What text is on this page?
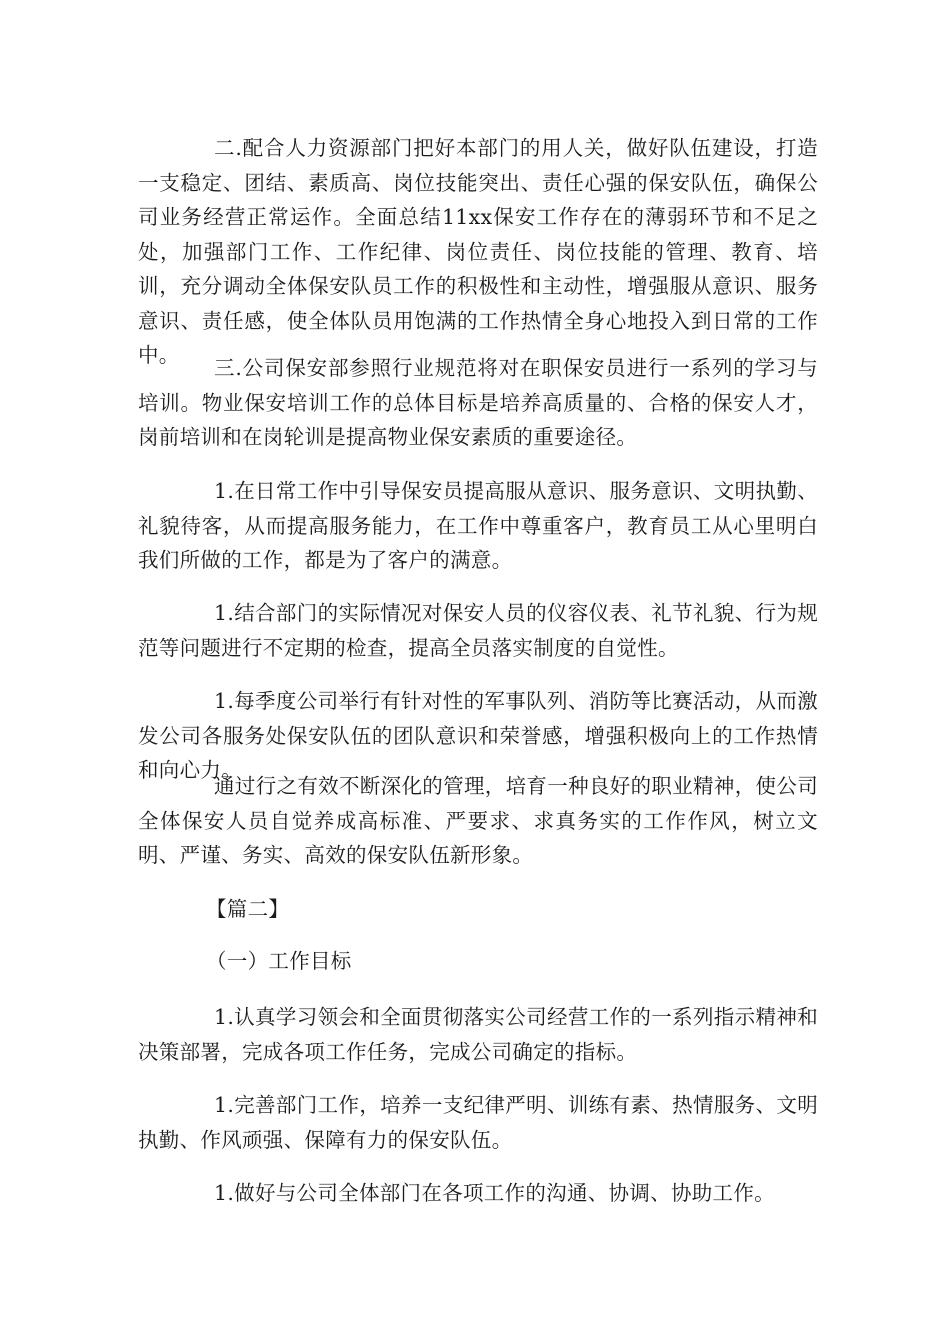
二.配合人力资源部门把好本部门的用人关，做好队伍建设，打造一支稳定、团结、素质高、岗位技能突出、责任心强的保安队伍，确保公司业务经营正常运作。全面总结11xx保安工作存在的薄弱环节和不足之处，加强部门工作、工作纪律、岗位责任、岗位技能的管理、教育、培训，充分调动全体保安队员工作的积极性和主动性，增强服从意识、服务意识、责任感，使全体队员用饱满的工作热情全身心地投入到日常的工作中。

三.公司保安部参照行业规范将对在职保安员进行一系列的学习与培训。物业保安培训工作的总体目标是培养高质量的、合格的保安人才，岗前培训和在岗轮训是提高物业保安素质的重要途径。

1.在日常工作中引导保安员提高服从意识、服务意识、文明执勤、礼貌待客，从而提高服务能力，在工作中尊重客户，教育员工从心里明白我们所做的工作，都是为了客户的满意。

1.结合部门的实际情况对保安人员的仪容仪表、礼节礼貌、行为规范等问题进行不定期的检查，提高全员落实制度的自觉性。

1.每季度公司举行有针对性的军事队列、消防等比赛活动，从而激发公司各服务处保安队伍的团队意识和荣誉感，增强积极向上的工作热情和向心力。

通过行之有效不断深化的管理，培育一种良好的职业精神，使公司全体保安人员自觉养成高标准、严要求、求真务实的工作作风，树立文明、严谨、务实、高效的保安队伍新形象。

【篇二】

（一）工作目标

1.认真学习领会和全面贯彻落实公司经营工作的一系列指示精神和决策部署，完成各项工作任务，完成公司确定的指标。

1.完善部门工作，培养一支纪律严明、训练有素、热情服务、文明执勤、作风顽强、保障有力的保安队伍。

1.做好与公司全体部门在各项工作的沟通、协调、协助工作。
